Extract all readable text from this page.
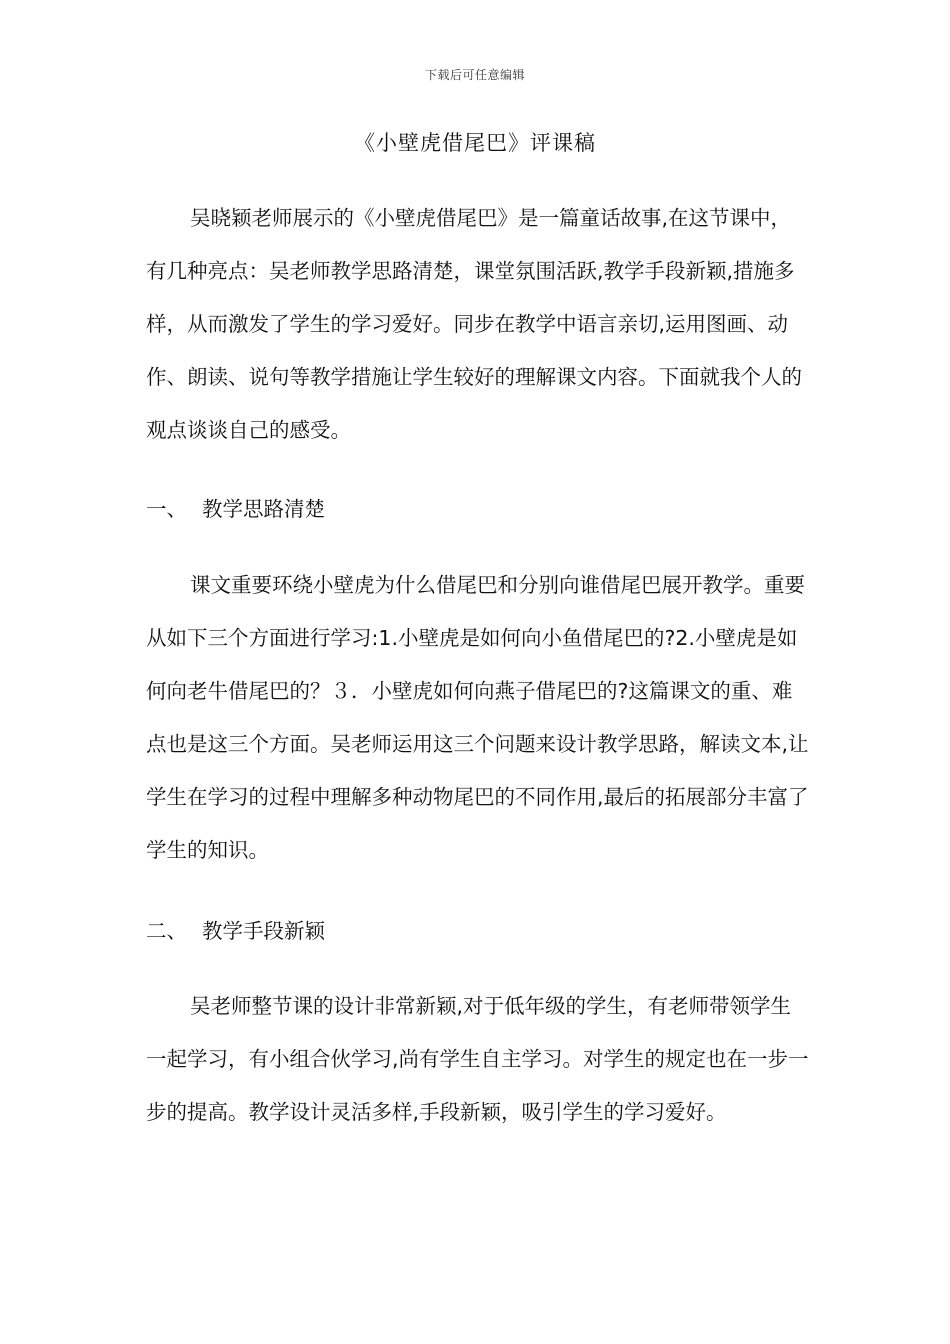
下载后可任意编辑
《小壁虎借尾巴》评课稿

吴晓颖老师展示的《小壁虎借尾巴》是一篇童话故事,在这节课中，有几种亮点：吴老师教学思路清楚，课堂氛围活跃,教学手段新颖,措施多样，从而激发了学生的学习爱好。同步在教学中语言亲切,运用图画、动作、朗读、说句等教学措施让学生较好的理解课文内容。下面就我个人的观点谈谈自己的感受。

一、 教学思路清楚

课文重要环绕小壁虎为什么借尾巴和分别向谁借尾巴展开教学。重要从如下三个方面进行学习:1.小壁虎是如何向小鱼借尾巴的?2.小壁虎是如何向老牛借尾巴的？３．小壁虎如何向燕子借尾巴的?这篇课文的重、难点也是这三个方面。吴老师运用这三个问题来设计教学思路，解读文本,让学生在学习的过程中理解多种动物尾巴的不同作用,最后的拓展部分丰富了学生的知识。

二、 教学手段新颖

吴老师整节课的设计非常新颖,对于低年级的学生，有老师带领学生一起学习，有小组合伙学习,尚有学生自主学习。对学生的规定也在一步一步的提高。教学设计灵活多样,手段新颖，吸引学生的学习爱好。
